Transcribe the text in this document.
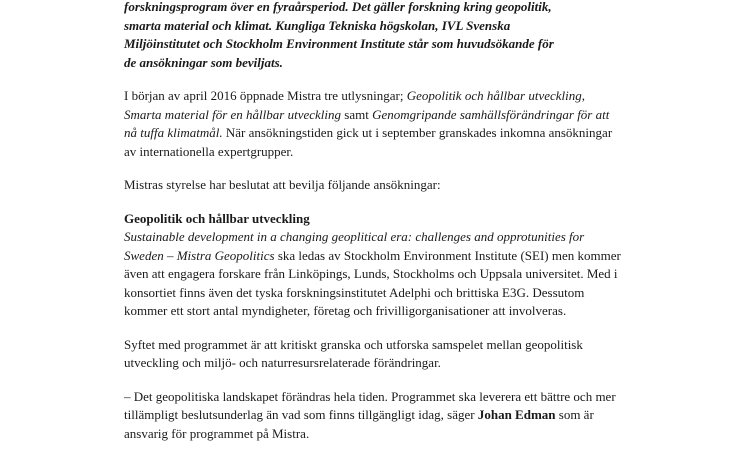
forskningsprogram över en fyraårsperiod. Det gäller forskning kring geopolitik,
smarta material och klimat. Kungliga Tekniska högskolan, IVL Svenska
Miljöinstitutet och Stockholm Environment Institute står som huvudsökande för
de ansökningar som beviljats.

I början av april 2016 öppnade Mistra tre utlysningar; Geopolitik och hållbar utveckling,
Smarta material för en hållbar utveckling samt Genomgripande samhällsförändringar för att
nå tuffa klimatmål. När ansökningstiden gick ut i september granskades inkomna ansökningar
av internationella expertgrupper.

Mistras styrelse har beslutat att bevilja följande ansökningar:

Geopolitik och hållbar utveckling
Sustainable development in a changing geoplitical era: challenges and opprotunities for
Sweden – Mistra Geopolitics ska ledas av Stockholm Environment Institute (SEI) men kommer
även att engagera forskare från Linköpings, Lunds, Stockholms och Uppsala universitet. Med i
konsortiet finns även det tyska forskningsinstitutet Adelphi och brittiska E3G. Dessutom
kommer ett stort antal myndigheter, företag och frivilligorganisationer att involveras.

Syftet med programmet är att kritiskt granska och utforska samspelet mellan geopolitisk
utveckling och miljö- och naturresursrelaterade förändringar.

– Det geopolitiska landskapet förändras hela tiden. Programmet ska leverera ett bättre och mer
tillämpligt beslutsunderlag än vad som finns tillgängligt idag, säger Johan Edman som är
ansvarig för programmet på Mistra.
